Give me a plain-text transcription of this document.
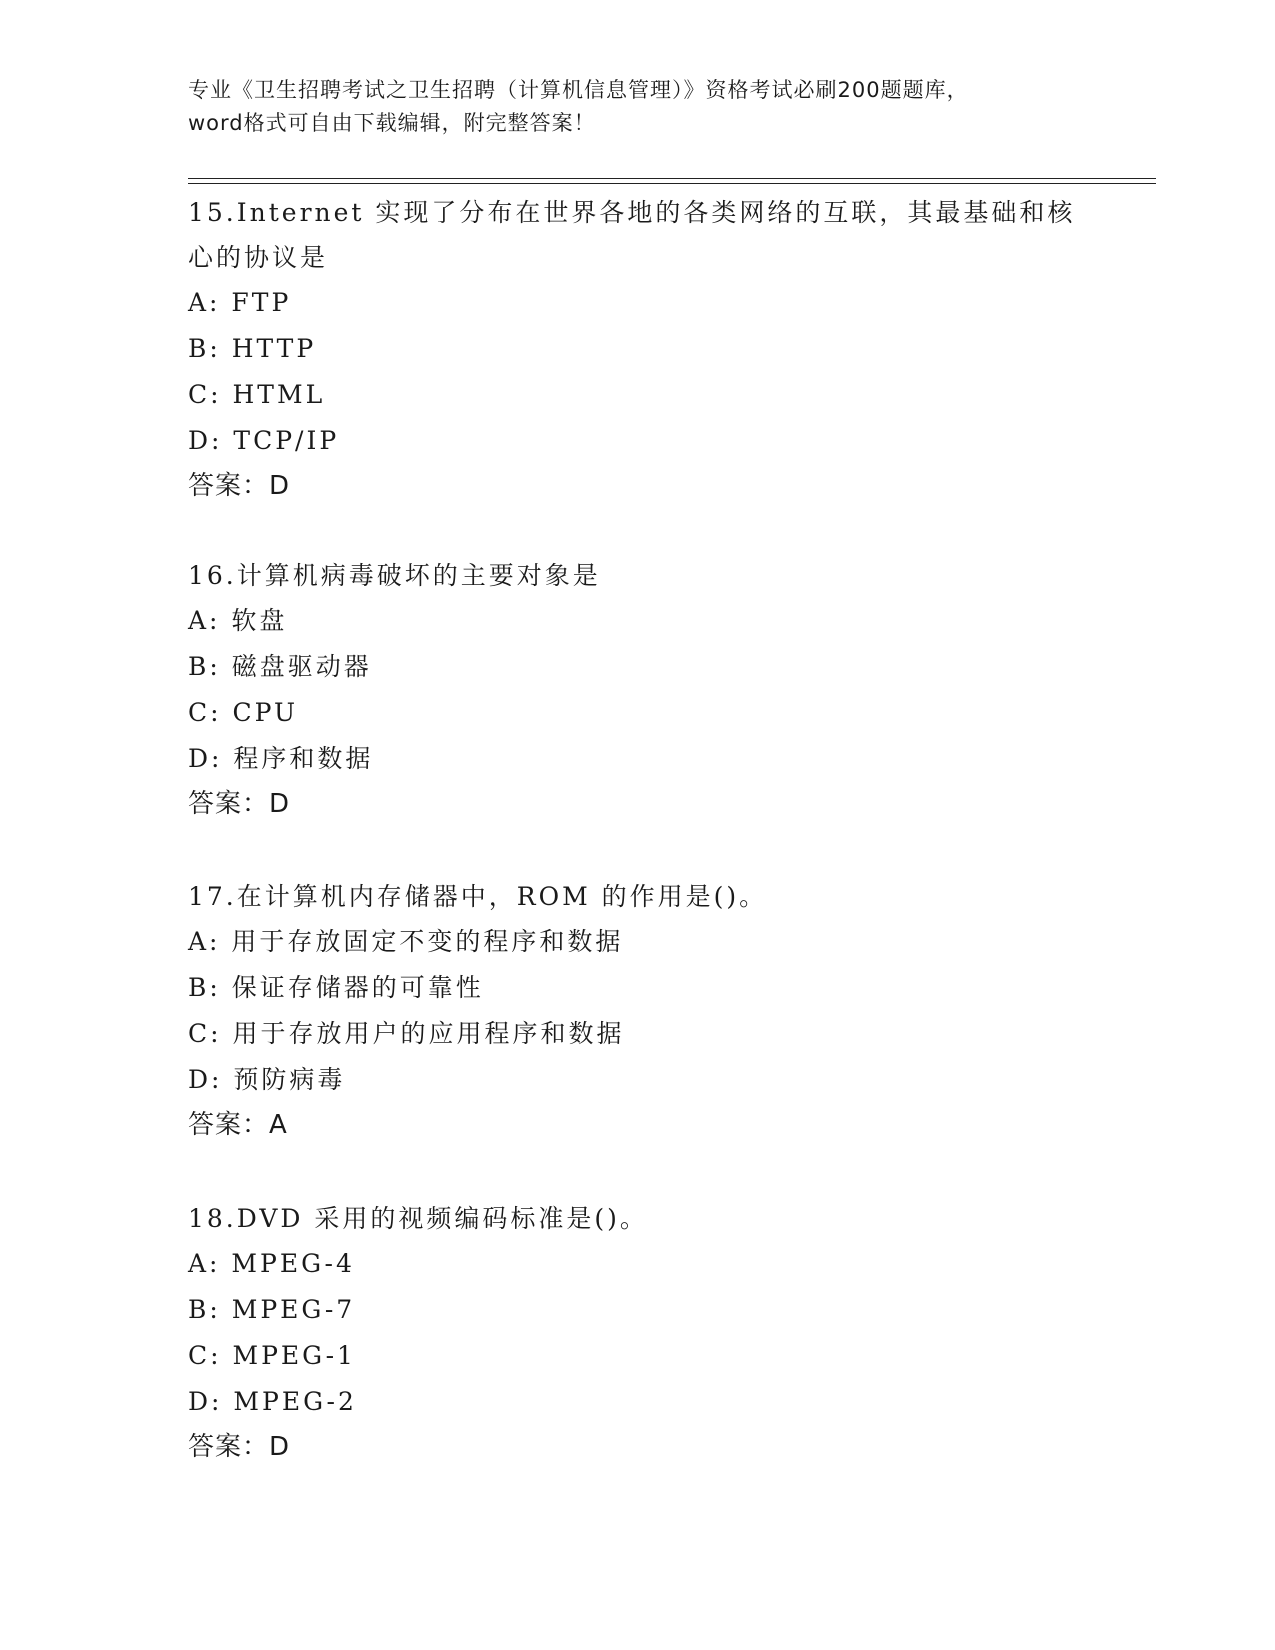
专业《卫生招聘考试之卫生招聘（计算机信息管理）》资格考试必刷200题题库，
word格式可自由下载编辑，附完整答案！

15.Internet 实现了分布在世界各地的各类网络的互联，其最基础和核心的协议是

A: FTP

B: HTTP

C: HTML

D: TCP/IP

答案：D

16.计算机病毒破坏的主要对象是

A: 软盘

B: 磁盘驱动器

C: CPU

D: 程序和数据

答案：D

17.在计算机内存储器中，ROM 的作用是()。

A: 用于存放固定不变的程序和数据

B: 保证存储器的可靠性

C: 用于存放用户的应用程序和数据

D: 预防病毒

答案：A

18.DVD 采用的视频编码标准是()。

A: MPEG-4

B: MPEG-7

C: MPEG-1

D: MPEG-2

答案：D
